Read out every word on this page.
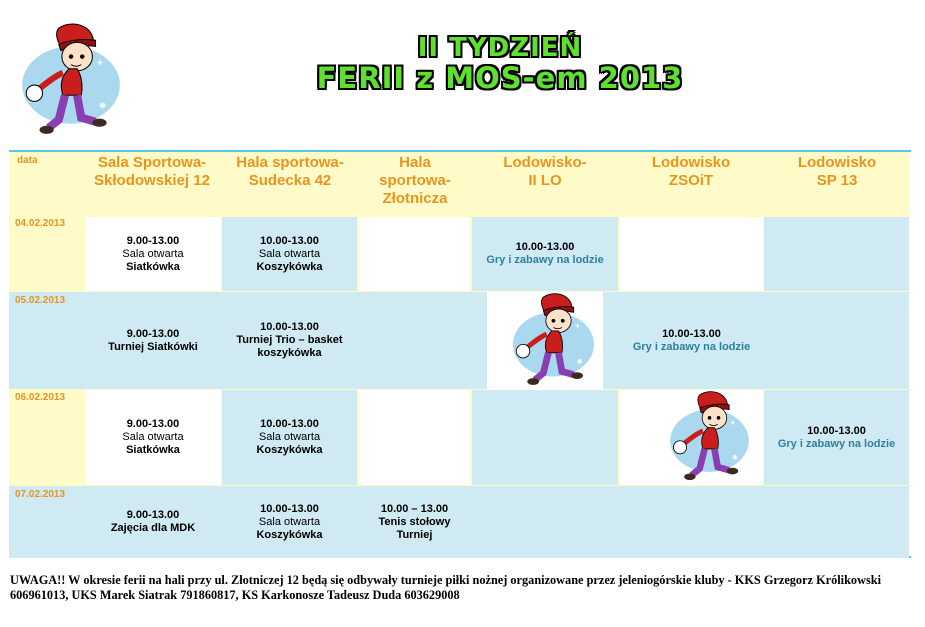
II TYDZIEŃ
FERII z MOS-em 2013
data	Sala Sportowa-
Skłodowskiej 12
Hala sportowa-
Sudecka 42
Hala
sportowa-
Złotnicza
Lodowisko-
II LO
Lodowisko
ZSOiT
Lodowisko
SP 13
04.02.2013
05.02.2013
06.02.2013
07.02.2013
9.00-13.00
Sala otwarta
Siatkówka
10.00-13.00
Sala otwarta
Koszykówka
10.00-13.00
Gry i zabawy na lodzie
9.00-13.00
Turniej Siatkówki
10.00-13.00
Turniej Trio – basket
koszykówka
10.00-13.00
Gry i zabawy na lodzie
9.00-13.00
Sala otwarta
Siatkówka
10.00-13.00
Sala otwarta
Koszykówka
10.00-13.00
Gry i zabawy na lodzie
9.00-13.00
Zajęcia dla MDK
10.00-13.00
Sala otwarta
Koszykówka
10.00 – 13.00
Tenis stołowy
Turniej
UWAGA!! W okresie ferii na hali przy ul. Złotniczej 12 będą się odbywały turnieje piłki nożnej organizowane przez jeleniogórskie kluby - KKS Grzegorz Królikowski 606961013, UKS Marek Siatrak 791860817, KS Karkonosze Tadeusz Duda 603629008
